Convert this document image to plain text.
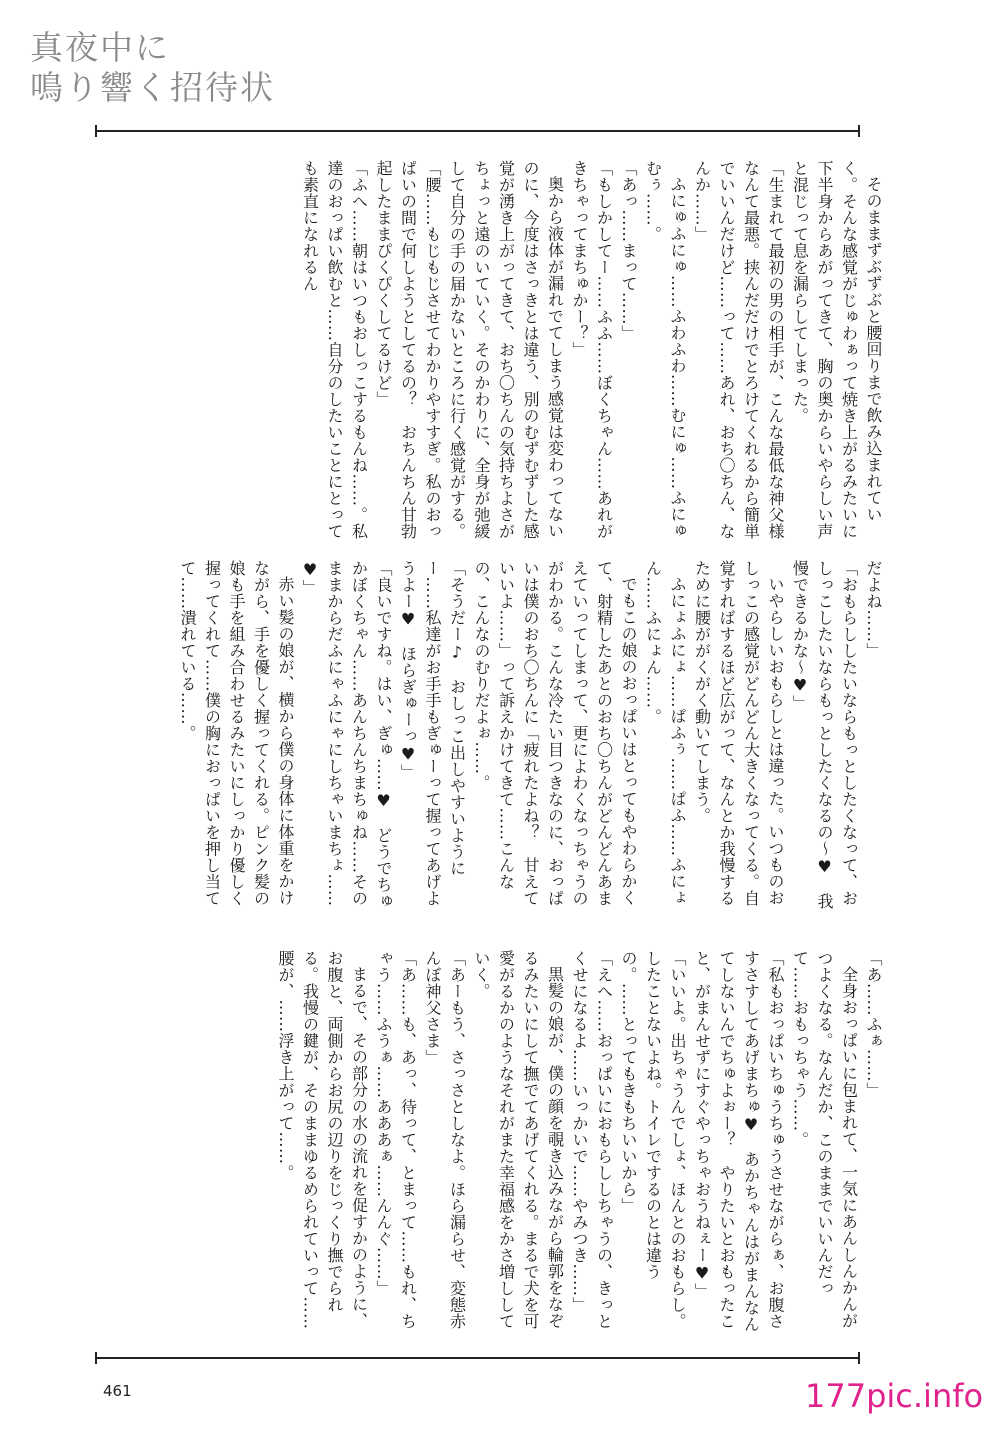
真夜中に
鳴り響く招待状

そのままずぶずぶと腰回りまで飲み込まれていく。そんな感覚がじゅわぁって焼き上がるみたいに下半身からあがってきて、胸の奥からいやらしい声と混じって息を漏らしてしまった。

「生まれて最初の男の相手が、こんな最低な神父様なんて最悪。挟んだだけでとろけてくれるから簡単でいいんだけど……って……あれ、おち〇ちん、なんか……」

ふにゅふにゅ……ふわふわ……むにゅ……ふにゅむぅ……。

「あっ……まって……」

「もしかしてー……ふふ……ぼくちゃん……あれがきちゃってまちゅかー？」

奥から液体が漏れでてしまう感覚は変わってないのに、今度はさっきとは違う、別のむずむずした感覚が湧き上がってきて、おち〇ちんの気持ちよさがちょっと遠のいていく。そのかわりに、全身が弛緩して自分の手の届かないところに行く感覚がする。

「腰……もじもじさせてわかりやすすぎ。私のおっぱいの間で何しようとしてるの？　おちんちん甘勃起したままぴくぴくしてるけど」

「ふへ……朝はいつもおしっこするもんね……。私達のおっぱい飲むと……自分のしたいことにとっても素直になれるん

だよね……」

「おもらししたいならもっとしたくなって、おしっこしたいならもっとしたくなるの～♥　我慢できるかな～♥」

いやらしいおもらしとは違った。いつものおしっこの感覚がどんどん大きくなってくる。自覚すればするほど広がって、なんとか我慢するために腰ががくがく動いてしまう。

ふにょふにょ……ぱふぅ……ぱふ……ふにょん……ふにょん……。

でもこの娘のおっぱいはとってもやわらかくて、射精したあとのおち〇ちんがどんどんあまえていってしまって、更によわくなっちゃうのがわかる。こんな冷たい目つきなのに、おっぱいは僕のおち〇ちんに「疲れたよね？　甘えていいよ……」って訴えかけてきて……こんなの、こんなのむりだよぉ……。

「そうだー♪　おしっこ出しやすいようにー……私達がお手手もぎゅーって握ってあげようよー♥　ほらぎゅーっ♥」

「良いですね。はい、ぎゅ……♥　どうでちゅかぼくちゃん……あんちんちまちゅね……そのままからだふにゃふにゃにしちゃいまちょ……♥」

赤い髪の娘が、横から僕の身体に体重をかけながら、手を優しく握ってくれる。ピンク髪の娘も手を組み合わせるみたいにしっかり優しく握ってくれて……僕の胸におっぱいを押し当てて……潰れている……。

「あ……ふぁ……」

全身おっぱいに包まれて、一気にあんしんかんがつよくなる。なんだか、このままでいいんだって……おもっちゃう……。

「私もおっぱいちゅうちゅうさせながらぁ、お腹さすさすしてあげまちゅ♥　あかちゃんはがまんなんてしないんでちゅよぉー？　やりたいとおもったこと、がまんせずにすぐやっちゃおうねぇー♥」

「いいよ。出ちゃうんでしょ、ほんとのおもらし。したことないよね。トイレでするのとは違うの。……とってもきもちいいから」

「えへ……おっぱいにおもらししちゃうの、きっとくせになるよ……いっかいで……やみつき……」

黒髪の娘が、僕の顔を覗き込みながら輪郭をなぞるみたいにして撫でてあげてくれる。まるで犬を可愛がるかのようなそれがまた幸福感をかさ増ししていく。

「あーもう、さっさとしなよ。ほら漏らせ、変態赤んぼ神父さま」

「あ……も、あっ、待って、とまって……もれ、ちゃう……ふうぁ……あああぁ……んんぐ……」

まるで、その部分の水の流れを促すかのように、お腹と、両側からお尻の辺りをじっくり撫でられる。我慢の鍵が、そのままゆるめられていって……腰が、……浮き上がって……。

461	177pic.info
